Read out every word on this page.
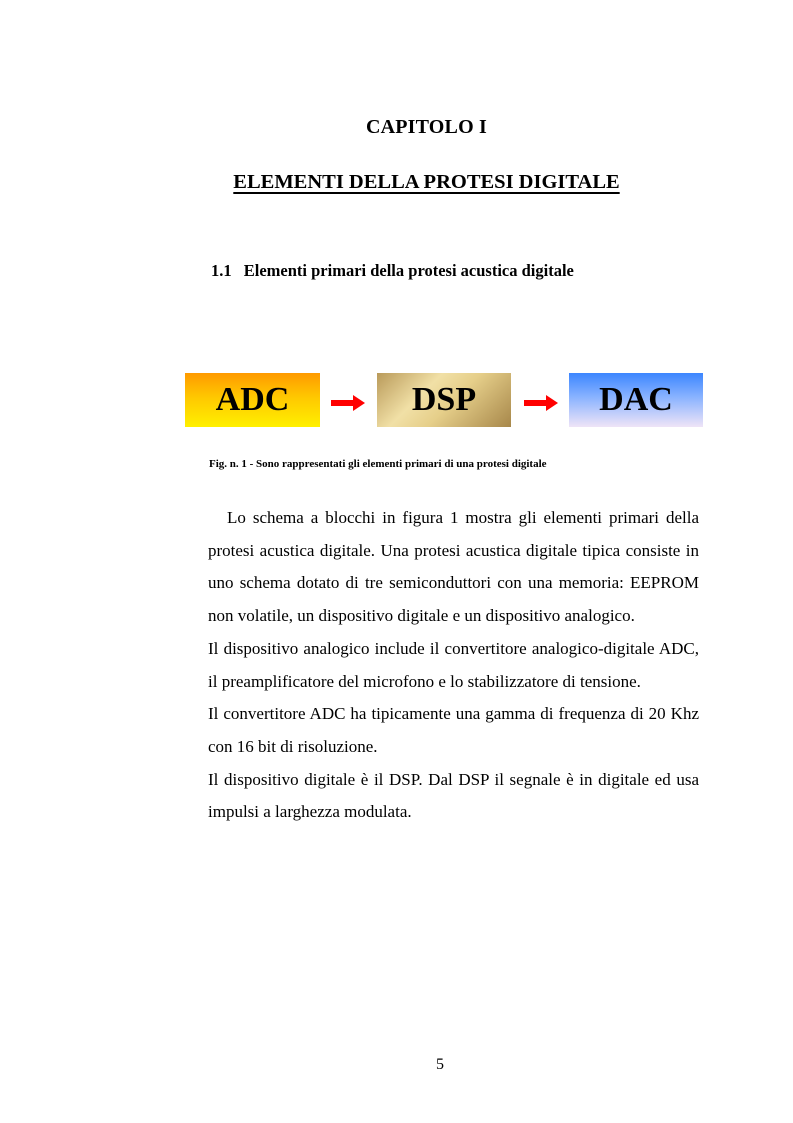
CAPITOLO I
ELEMENTI DELLA PROTESI DIGITALE
1.1 Elementi primari della protesi acustica digitale
ADC	DSP	DAC
Fig. n. 1 - Sono rappresentati gli elementi primari di una protesi digitale

Lo schema a blocchi in figura 1 mostra gli elementi primari della protesi acustica digitale. Una protesi acustica digitale tipica consiste in uno schema dotato di tre semiconduttori con una memoria: EEPROM non volatile, un dispositivo digitale e un dispositivo analogico.

Il dispositivo analogico include il convertitore analogico-digitale ADC, il preamplificatore del microfono e lo stabilizzatore di tensione.

Il convertitore ADC ha tipicamente una gamma di frequenza di 20 Khz con 16 bit di risoluzione.

Il dispositivo digitale è il DSP. Dal DSP il segnale è in digitale ed usa impulsi a larghezza modulata.

5
